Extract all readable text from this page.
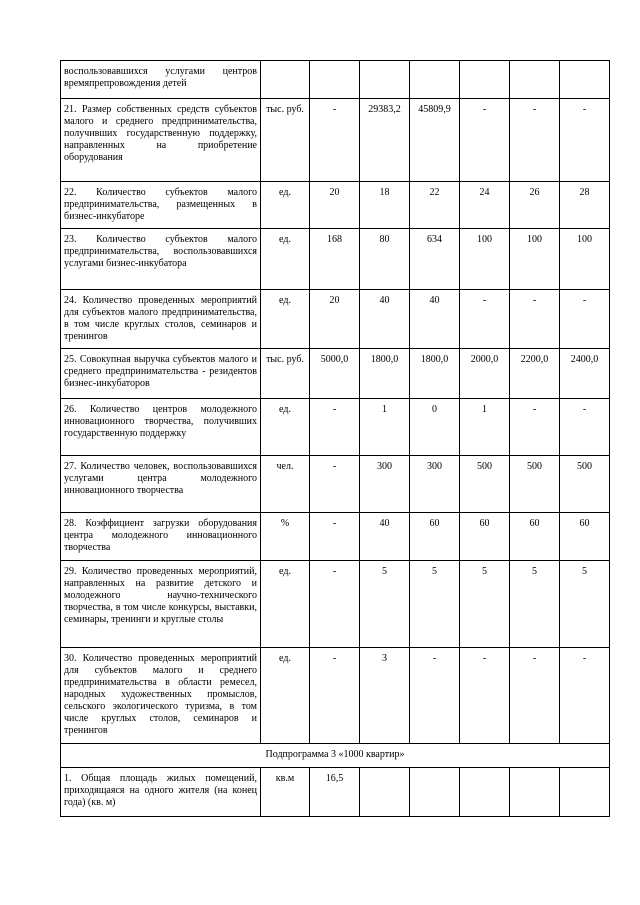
воспользовавшихся услугами центров времяпрепровождения детей							
21. Размер собственных средств субъектов малого и среднего предпринимательства, получивших государственную поддержку, направленных на приобретение оборудования	тыс. руб.	-	29383,2	45809,9	-	-	-
22. Количество субъектов малого предпринимательства, размещенных в бизнес-инкубаторе	ед.	20	18	22	24	26	28
23. Количество субъектов малого предпринимательства, воспользовавшихся услугами бизнес-инкубатора	ед.	168	80	634	100	100	100
24. Количество проведенных мероприятий для субъектов малого предпринимательства, в том числе круглых столов, семинаров и тренингов	ед.	20	40	40	-	-	-
25. Совокупная выручка субъектов малого и среднего предпринимательства - резидентов бизнес-инкубаторов	тыс. руб.	5000,0	1800,0	1800,0	2000,0	2200,0	2400,0
26. Количество центров молодежного инновационного творчества, получивших государственную поддержку	ед.	-	1	0	1	-	-
27. Количество человек, воспользовавшихся услугами центра молодежного инновационного творчества	чел.	-	300	300	500	500	500
28. Коэффициент загрузки оборудования центра молодежного инновационного творчества	%	-	40	60	60	60	60
29. Количество проведенных мероприятий, направленных на развитие детского и молодежного научно-технического творчества, в том числе конкурсы, выставки, семинары, тренинги и круглые столы	ед.	-	5	5	5	5	5
30. Количество проведенных мероприятий для субъектов малого и среднего предпринимательства в области ремесел, народных художественных промыслов, сельского экологического туризма, в том числе круглых столов, семинаров и тренингов	ед.	-	3	-	-	-	-
Подпрограмма 3 «1000 квартир»							
1. Общая площадь жилых помещений, приходящаяся на одного жителя (на конец года) (кв. м)	кв.м	16,5					
